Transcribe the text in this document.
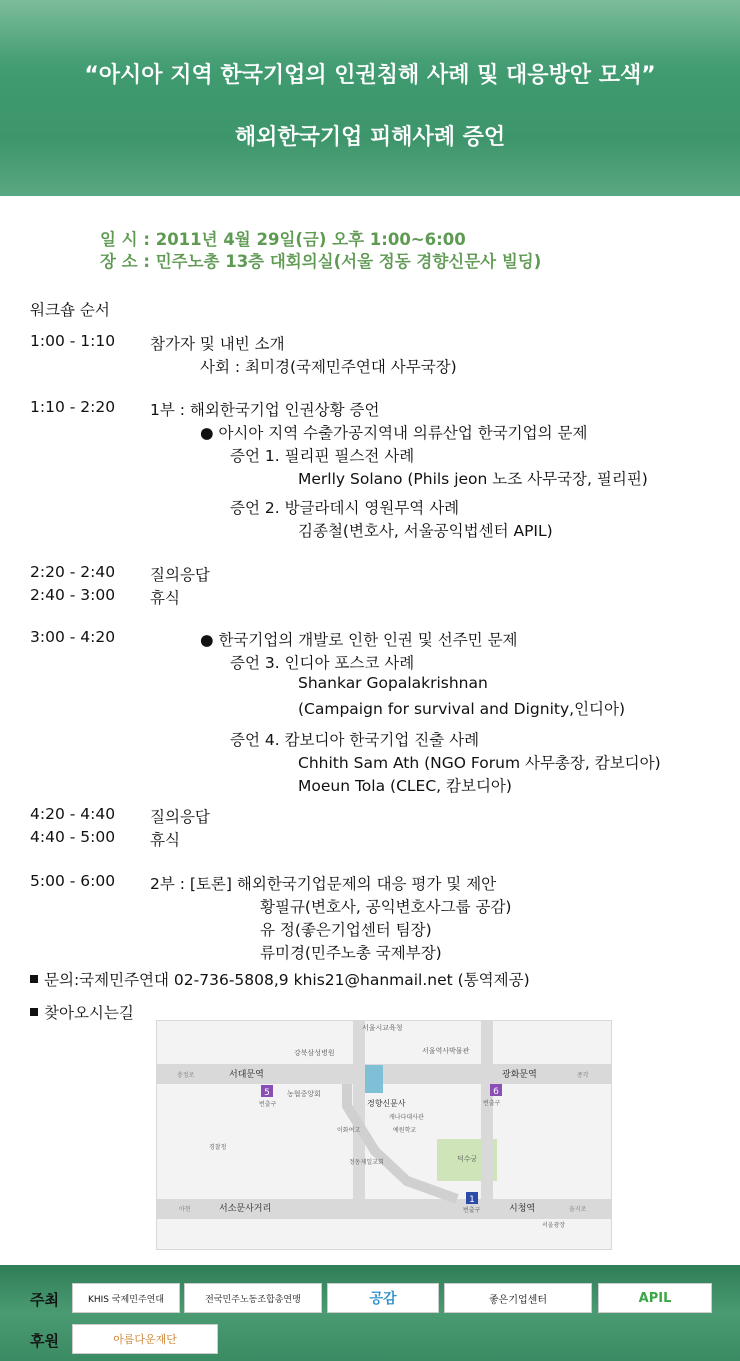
“아시아 지역 한국기업의 인권침해 사례 및 대응방안 모색”
해외한국기업 피해사례 증언
일 시 : 2011년 4월 29일(금) 오후 1:00~6:00
장 소 : 민주노총 13층 대회의실(서울 정동 경향신문사 빌딩)
워크숍 순서
1:00 - 1:10 참가자 및 내빈 소개
사회 : 최미경(국제민주연대 사무국장)
1:10 - 2:20 1부 : 해외한국기업 인권상황 증언
● 아시아 지역 수출가공지역내 의류산업 한국기업의 문제
증언 1. 필리핀 필스전 사례
Merlly Solano (Phils jeon 노조 사무국장, 필리핀)
증언 2. 방글라데시 영원무역 사례
김종철(변호사, 서울공익법센터 APIL)
2:20 - 2:40 질의응답
2:40 - 3:00 휴식
3:00 - 4:20	● 한국기업의 개발로 인한 인권 및 선주민 문제
증언 3. 인디아 포스코 사례
Shankar Gopalakrishnan
(Campaign for survival and Dignity,인디아)
증언 4. 캄보디아 한국기업 진출 사례
Chhith Sam Ath (NGO Forum 사무총장, 캄보디아)
Moeun Tola (CLEC, 캄보디아)
4:20 - 4:40 질의응답
4:40 - 5:00 휴식
5:00 - 6:00 2부 : [토론] 해외한국기업문제의 대응 평가 및 제안
황필규(변호사, 공익변호사그룹 공감)
유 정(좋은기업센터 팀장)
류미경(민주노총 국제부장)
문의:국제민주연대 02-736-5808,9 khis21@hanmail.net (통역제공)
찾아오시는길
5	6
1
서울시교육청
강북삼성병원	서울역사박물관
서대문역	광화문역
충정로	종각
농협중앙회
경향신문사
캐나다대사관
이화여고	예원학교
경찰청
덕수궁
정동제일교회
서소문사거리	시청역
아현	을지로
서울광장
번출구	번출구
번출구
주최
후원
KHIS 국제민주연대	전국민주노동조합총연맹	공감	좋은기업센터	APIL
아름다운재단
